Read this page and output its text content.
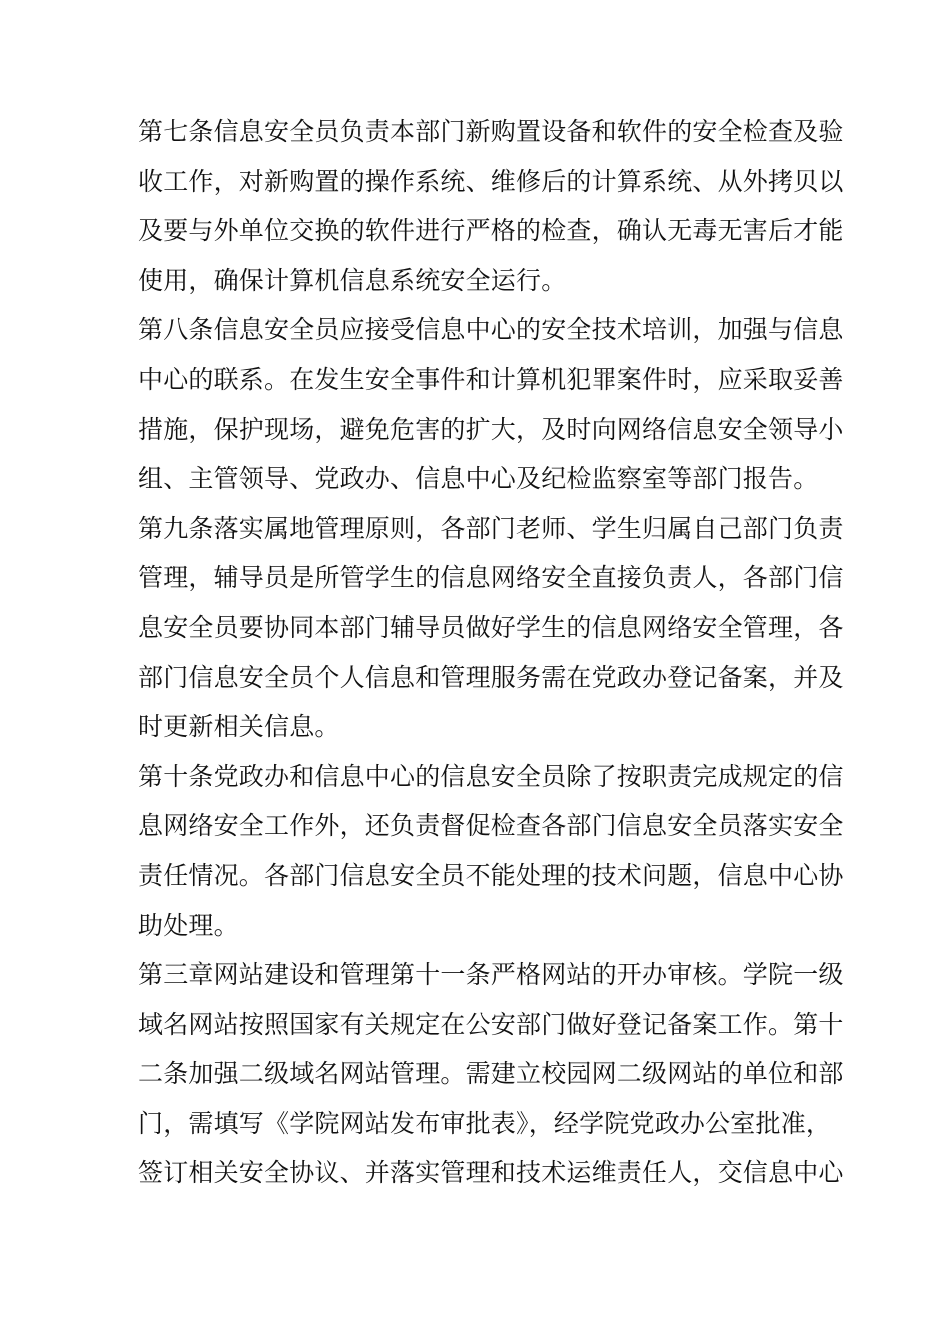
第七条信息安全员负责本部门新购置设备和软件的安全检查及验
收工作，对新购置的操作系统、维修后的计算系统、从外拷贝以
及要与外单位交换的软件进行严格的检查，确认无毒无害后才能
使用，确保计算机信息系统安全运行。
第八条信息安全员应接受信息中心的安全技术培训，加强与信息
中心的联系。在发生安全事件和计算机犯罪案件时，应采取妥善
措施，保护现场，避免危害的扩大，及时向网络信息安全领导小
组、主管领导、党政办、信息中心及纪检监察室等部门报告。
第九条落实属地管理原则，各部门老师、学生归属自己部门负责
管理，辅导员是所管学生的信息网络安全直接负责人，各部门信
息安全员要协同本部门辅导员做好学生的信息网络安全管理，各
部门信息安全员个人信息和管理服务需在党政办登记备案，并及
时更新相关信息。
第十条党政办和信息中心的信息安全员除了按职责完成规定的信
息网络安全工作外，还负责督促检查各部门信息安全员落实安全
责任情况。各部门信息安全员不能处理的技术问题，信息中心协
助处理。
第三章网站建设和管理第十一条严格网站的开办审核。学院一级
域名网站按照国家有关规定在公安部门做好登记备案工作。第十
二条加强二级域名网站管理。需建立校园网二级网站的单位和部
门，需填写《学院网站发布审批表》，经学院党政办公室批准，
签订相关安全协议、并落实管理和技术运维责任人，交信息中心
